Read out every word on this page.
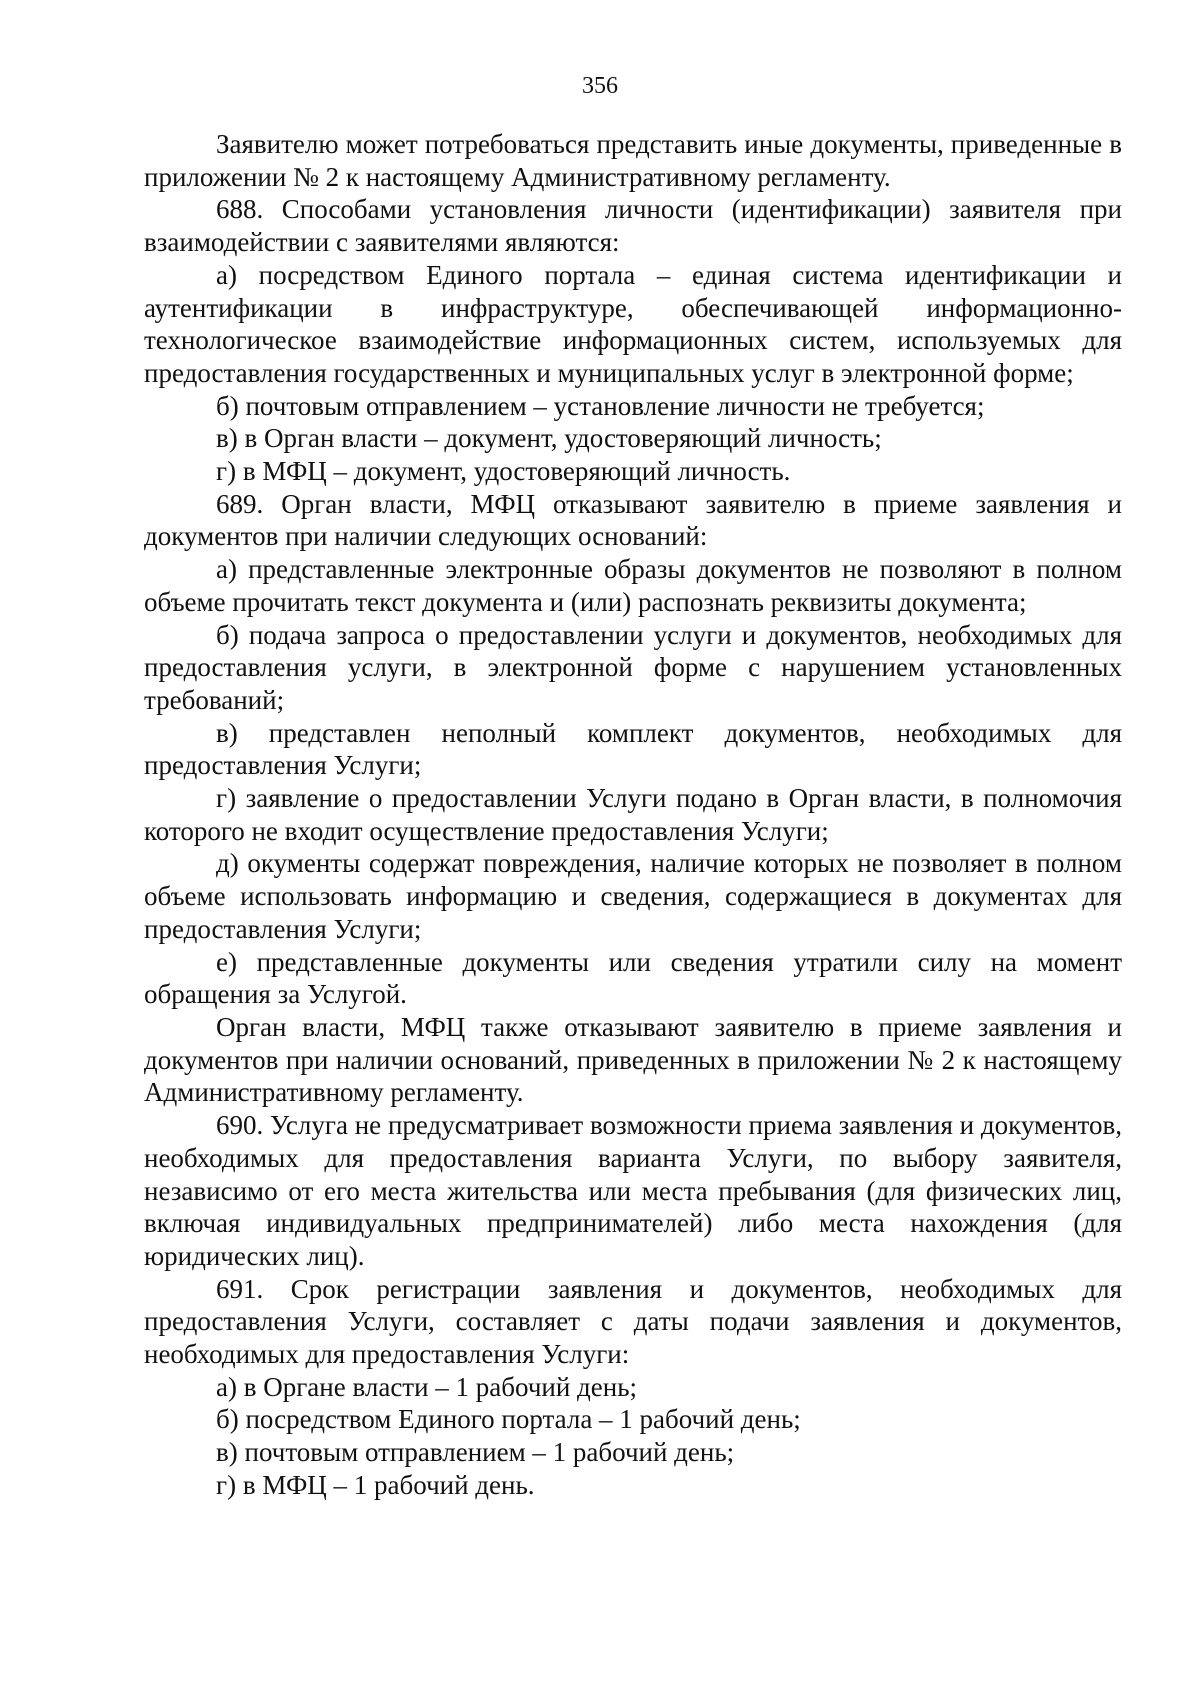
356

Заявителю может потребоваться представить иные документы, приведенные в приложении № 2 к настоящему Административному регламенту.

688. Способами установления личности (идентификации) заявителя при взаимодействии с заявителями являются:

а) посредством Единого портала – единая система идентификации и аутентификации в инфраструктуре, обеспечивающей информационно-технологическое взаимодействие информационных систем, используемых для предоставления государственных и муниципальных услуг в электронной форме;

б) почтовым отправлением – установление личности не требуется;

в) в Орган власти – документ, удостоверяющий личность;

г) в МФЦ – документ, удостоверяющий личность.

689. Орган власти, МФЦ отказывают заявителю в приеме заявления и документов при наличии следующих оснований:

а) представленные электронные образы документов не позволяют в полном объеме прочитать текст документа и (или) распознать реквизиты документа;

б) подача запроса о предоставлении услуги и документов, необходимых для предоставления услуги, в электронной форме с нарушением установленных требований;

в) представлен неполный комплект документов, необходимых для предоставления Услуги;

г) заявление о предоставлении Услуги подано в Орган власти, в полномочия которого не входит осуществление предоставления Услуги;

д) окументы содержат повреждения, наличие которых не позволяет в полном объеме использовать информацию и сведения, содержащиеся в документах для предоставления Услуги;

е) представленные документы или сведения утратили силу на момент обращения за Услугой.

Орган власти, МФЦ также отказывают заявителю в приеме заявления и документов при наличии оснований, приведенных в приложении № 2 к настоящему Административному регламенту.

690. Услуга не предусматривает возможности приема заявления и документов, необходимых для предоставления варианта Услуги, по выбору заявителя, независимо от его места жительства или места пребывания (для физических лиц, включая индивидуальных предпринимателей) либо места нахождения (для юридических лиц).

691. Срок регистрации заявления и документов, необходимых для предоставления Услуги, составляет с даты подачи заявления и документов, необходимых для предоставления Услуги:

а) в Органе власти – 1 рабочий день;

б) посредством Единого портала – 1 рабочий день;

в) почтовым отправлением – 1 рабочий день;

г) в МФЦ – 1 рабочий день.
